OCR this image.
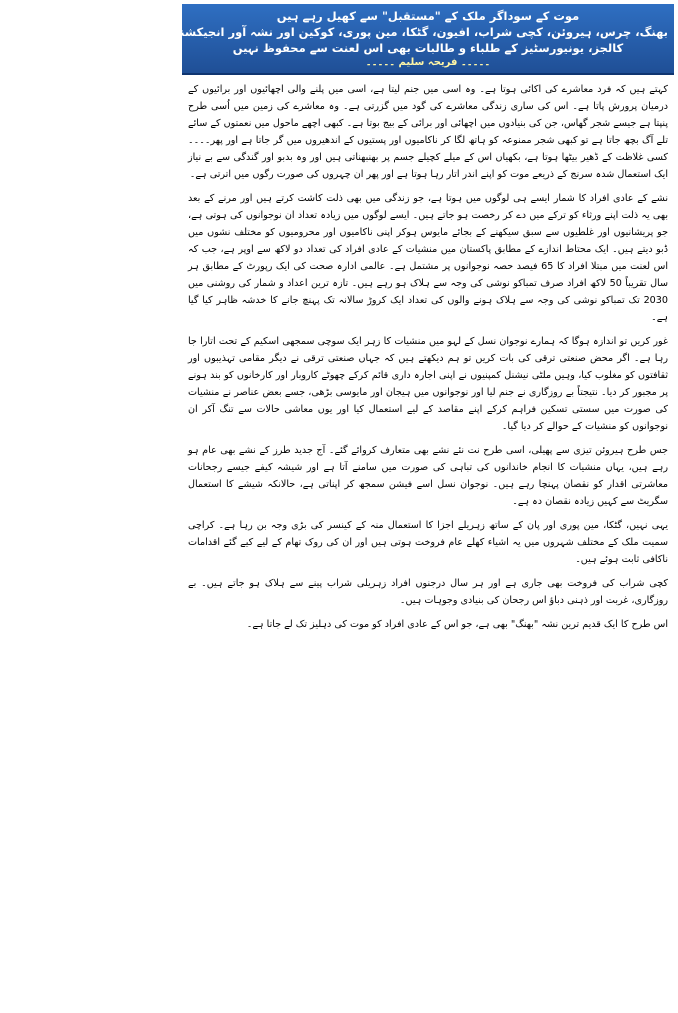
موت کے سوداگر ملک کے "مستقبل" سے کھیل رہے ہیں
بھنگ، چرس، ہیروئن، کچی شراب، افیون، گٹکا، مین پوری، کوکین اور نشہ آور انجیکشنز کا استعمال کھلے عام جاری ہے
کالجز، یونیورسٹیز کے طلباء و طالبات بھی اس لعنت سے محفوظ نہیں
۔۔۔۔۔ فریحہ سلیم ۔۔۔۔۔

کہتے ہیں کہ فرد معاشرے کی اکائی ہوتا ہے۔ وہ اسی میں جنم لیتا ہے، اسی میں پلنے والی اچھائیوں اور برائیوں کے درمیان پرورش پاتا ہے۔ اس کی ساری زندگی معاشرے کی گود میں گزرتی ہے۔ وہ معاشرے کی زمین میں اُسی طرح پنپتا ہے جیسے شجر گھاس، جن کی بنیادوں میں اچھائی اور برائی کے بیج بوتا ہے۔ کبھی اچھے ماحول میں نعمتوں کے سائے تلے آگ بچھ جاتا ہے تو کبھی شجر ممنوعہ کو ہاتھ لگا کر ناکامیوں اور پستیوں کے اندھیروں میں گر جاتا ہے اور پھر۔۔۔۔ کسی غلاظت کے ڈھیر بیٹھا ہوتا ہے، بکھیاں اس کے میلے کچیلے جسم پر بھنبھناتی ہیں اور وہ بدبو اور گندگی سے بے نیاز ایک استعمال شدہ سرنج کے ذریعے موت کو اپنے اندر اتار رہا ہوتا ہے اور پھر ان چہروں کی صورت رگوں میں اترتی ہے۔

نشے کے عادی افراد کا شمار ایسے ہی لوگوں میں ہوتا ہے، جو زندگی میں بھی ذلت کاشت کرتے ہیں اور مرنے کے بعد بھی یہ ذلت اپنے ورثاء کو ترکے میں دے کر رخصت ہو جاتے ہیں۔ ایسے لوگوں میں زیادہ تعداد ان نوجوانوں کی ہوتی ہے، جو پریشانیوں اور غلطیوں سے سبق سیکھنے کے بجائے مایوس ہوکر اپنی ناکامیوں اور محرومیوں کو مختلف نشوں میں ڈبو دیتے ہیں۔ ایک محتاط اندازے کے مطابق پاکستان میں منشیات کے عادی افراد کی تعداد دو لاکھ سے اوپر ہے، جب کہ اس لعنت میں مبتلا افراد کا 65 فیصد حصہ نوجوانوں پر مشتمل ہے۔ عالمی ادارہ صحت کی ایک رپورٹ کے مطابق ہر سال تقریباً 50 لاکھ افراد صرف تمباکو نوشی کی وجہ سے ہلاک ہو رہے ہیں۔ تازہ ترین اعداد و شمار کی روشنی میں 2030 تک تمباکو نوشی کی وجہ سے ہلاک ہونے والوں کی تعداد ایک کروڑ سالانہ تک پہنچ جانے کا خدشہ ظاہر کیا گیا ہے۔

غور کریں تو اندازہ ہوگا کہ ہمارے نوجوان نسل کے لہو میں منشیات کا زہر ایک سوچی سمجھی اسکیم کے تحت اتارا جا رہا ہے۔ اگر محض صنعتی ترقی کی بات کریں تو ہم دیکھتے ہیں کہ جہاں صنعتی ترقی نے دیگر مقامی تہذیبوں اور ثقافتوں کو مغلوب کیا، وہیں ملٹی نیشنل کمپنیوں نے اپنی اجارہ داری قائم کرکے چھوٹے کاروبار اور کارخانوں کو بند ہونے پر مجبور کر دیا۔ نتیجتاً بے روزگاری نے جنم لیا اور نوجوانوں میں ہیجان اور مایوسی بڑھی، جسے بعض عناصر نے منشیات کی صورت میں سستی تسکین فراہم کرکے اپنے مقاصد کے لیے استعمال کیا اور یوں معاشی حالات سے تنگ آکر ان نوجوانوں کو منشیات کے حوالے کر دیا گیا۔

جس طرح ہیروئن تیزی سے پھیلی، اسی طرح نت نئے نشے بھی متعارف کروائے گئے۔ آج جدید طرز کے نشے بھی عام ہو رہے ہیں، یہاں منشیات کا انجام خاندانوں کی تباہی کی صورت میں سامنے آتا ہے اور شیشہ کیفے جیسے رجحانات معاشرتی اقدار کو نقصان پہنچا رہے ہیں۔ نوجوان نسل اسے فیشن سمجھ کر اپناتی ہے، حالانکہ شیشے کا استعمال سگریٹ سے کہیں زیادہ نقصان دہ ہے۔

یہی نہیں، گٹکا، مین پوری اور پان کے ساتھ زہریلے اجزا کا استعمال منہ کے کینسر کی بڑی وجہ بن رہا ہے۔ کراچی سمیت ملک کے مختلف شہروں میں یہ اشیاء کھلے عام فروخت ہوتی ہیں اور ان کی روک تھام کے لیے کیے گئے اقدامات ناکافی ثابت ہوئے ہیں۔

کچی شراب کی فروخت بھی جاری ہے اور ہر سال درجنوں افراد زہریلی شراب پینے سے ہلاک ہو جاتے ہیں۔ بے روزگاری، غربت اور ذہنی دباؤ اس رجحان کی بنیادی وجوہات ہیں۔

اس طرح کا ایک قدیم ترین نشہ "بھنگ" بھی ہے، جو اس کے عادی افراد کو موت کی دہلیز تک لے جاتا ہے۔
